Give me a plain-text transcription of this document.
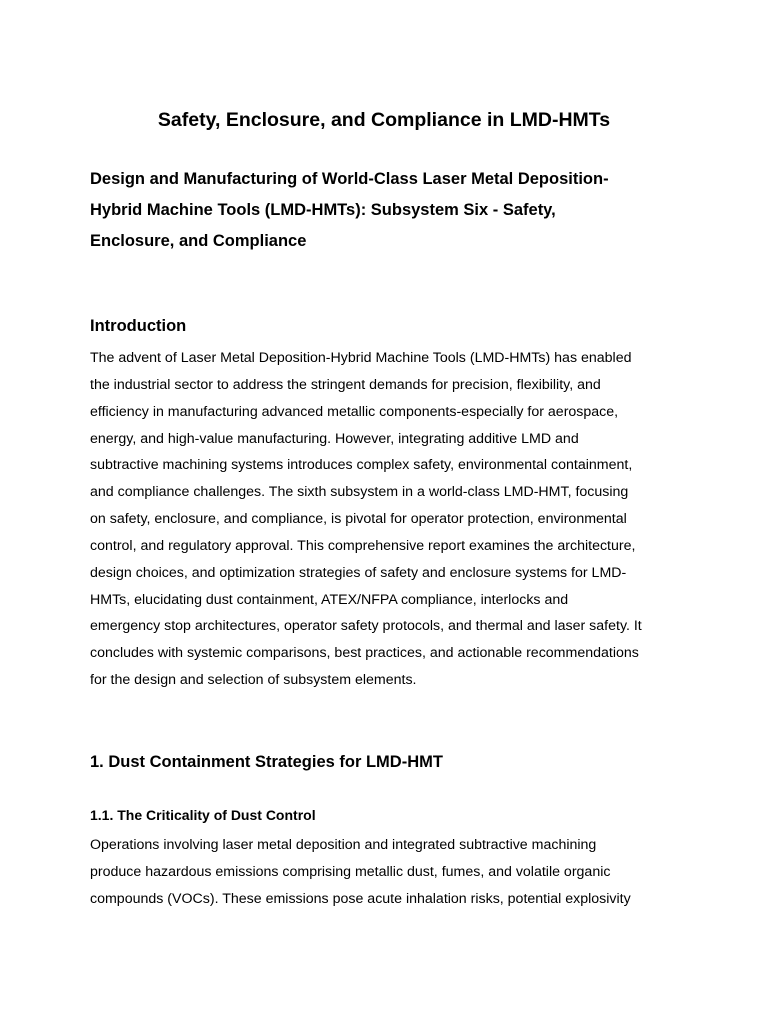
Safety, Enclosure, and Compliance in LMD-HMTs
Design and Manufacturing of World-Class Laser Metal Deposition-
Hybrid Machine Tools (LMD-HMTs): Subsystem Six - Safety,
Enclosure, and Compliance
Introduction
The advent of Laser Metal Deposition-Hybrid Machine Tools (LMD-HMTs) has enabled
the industrial sector to address the stringent demands for precision, flexibility, and
efficiency in manufacturing advanced metallic components-especially for aerospace,
energy, and high-value manufacturing. However, integrating additive LMD and
subtractive machining systems introduces complex safety, environmental containment,
and compliance challenges. The sixth subsystem in a world-class LMD-HMT, focusing
on safety, enclosure, and compliance, is pivotal for operator protection, environmental
control, and regulatory approval. This comprehensive report examines the architecture,
design choices, and optimization strategies of safety and enclosure systems for LMD-
HMTs, elucidating dust containment, ATEX/NFPA compliance, interlocks and
emergency stop architectures, operator safety protocols, and thermal and laser safety. It
concludes with systemic comparisons, best practices, and actionable recommendations
for the design and selection of subsystem elements.
1. Dust Containment Strategies for LMD-HMT
1.1. The Criticality of Dust Control
Operations involving laser metal deposition and integrated subtractive machining
produce hazardous emissions comprising metallic dust, fumes, and volatile organic
compounds (VOCs). These emissions pose acute inhalation risks, potential explosivity
